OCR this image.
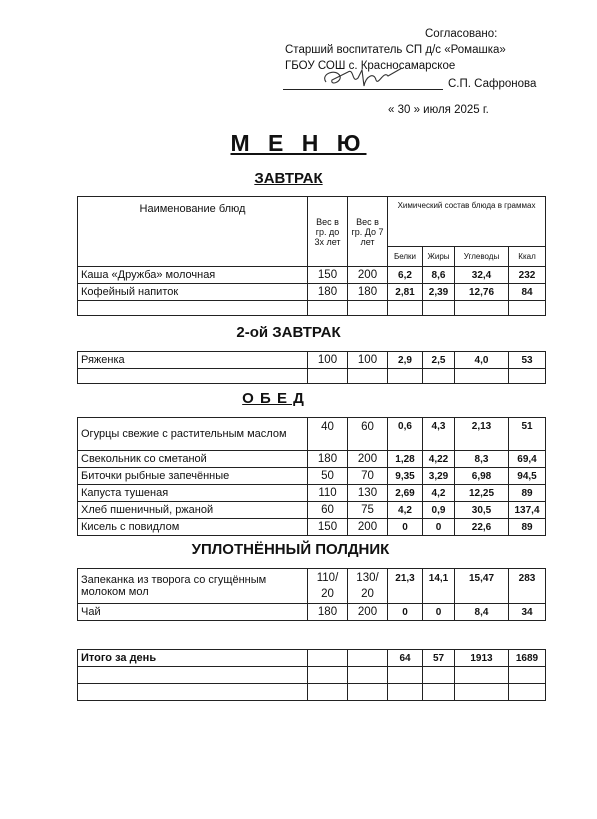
Согласовано:
Старший воспитатель СП д/с «Ромашка»
ГБОУ СОШ с. Красносамарское
С.П. Сафронова
« 30 » июля 2025 г.
М Е Н Ю
ЗАВТРАК
Наименование блюд	Вес в гр. до 3х лет	Вес в гр. До 7 лет	Химический состав блюда в граммах			
			Белки	Жиры	Углеводы	Ккал
Каша «Дружба» молочная	150	200	6,2	8,6	32,4	232
Кофейный напиток	180	180	2,81	2,39	12,76	84

2-ой ЗАВТРАК
Ряженка	100	100	2,9	2,5	4,0	53

О Б Е Д
Огурцы свежие с растительным маслом	40	60	0,6	4,3	2,13	51
Свекольник со сметаной	180	200	1,28	4,22	8,3	69,4
Биточки рыбные запечённые	50	70	9,35	3,29	6,98	94,5
Капуста тушеная	110	130	2,69	4,2	12,25	89
Хлеб пшеничный, ржаной	60	75	4,2	0,9	30,5	137,4
Кисель с повидлом	150	200	0	0	22,6	89
УПЛОТНЁННЫЙ ПОЛДНИК
Запеканка из творога со сгущённым молоком мол	110/ 20	130/ 20	21,3	14,1	15,47	283
Чай	180	200	0	0	8,4	34
Итого за день			64	57	1913	1689
